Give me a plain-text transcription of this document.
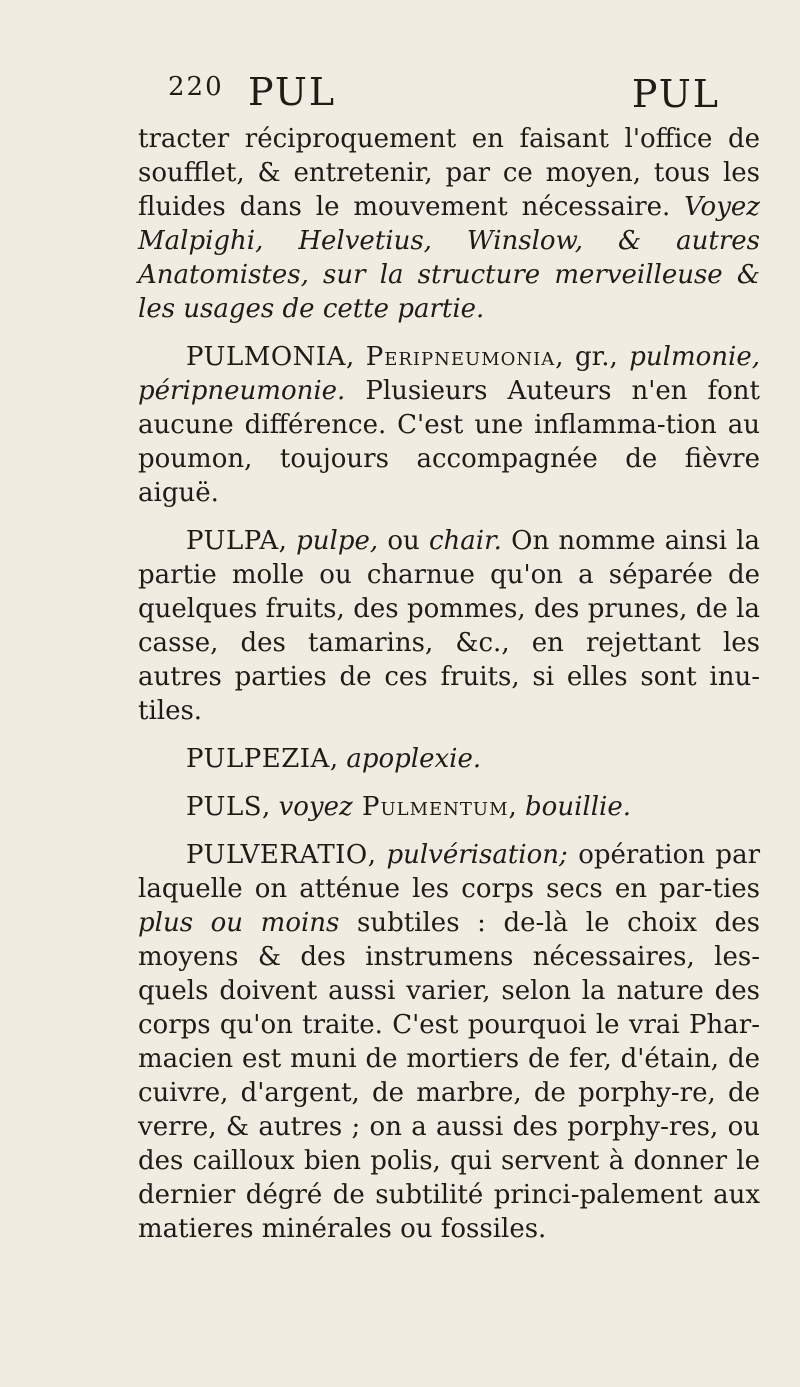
220 PUL	PUL

tracter réciproquement en faisant l'office de soufflet, & entretenir, par ce moyen, tous les fluides dans le mouvement nécessaire. Voyez Malpighi, Helvetius, Winslow, & autres Anatomistes, sur la structure merveilleuse & les usages de cette partie.

PULMONIA, Peripneumonia, gr., pulmonie, péripneumonie. Plusieurs Auteurs n'en font aucune différence. C'est une inflamma-tion au poumon, toujours accompagnée de fièvre aiguë.

PULPA, pulpe, ou chair. On nomme ainsi la partie molle ou charnue qu'on a séparée de quelques fruits, des pommes, des prunes, de la casse, des tamarins, &c., en rejettant les autres parties de ces fruits, si elles sont inu-tiles.

PULPEZIA, apoplexie.

PULS, voyez Pulmentum, bouillie.

PULVERATIO, pulvérisation; opération par laquelle on atténue les corps secs en par-ties plus ou moins subtiles : de-là le choix des moyens & des instrumens nécessaires, les-quels doivent aussi varier, selon la nature des corps qu'on traite. C'est pourquoi le vrai Phar-macien est muni de mortiers de fer, d'étain, de cuivre, d'argent, de marbre, de porphy-re, de verre, & autres ; on a aussi des porphy-res, ou des cailloux bien polis, qui servent à donner le dernier dégré de subtilité princi-palement aux matieres minérales ou fossiles.
